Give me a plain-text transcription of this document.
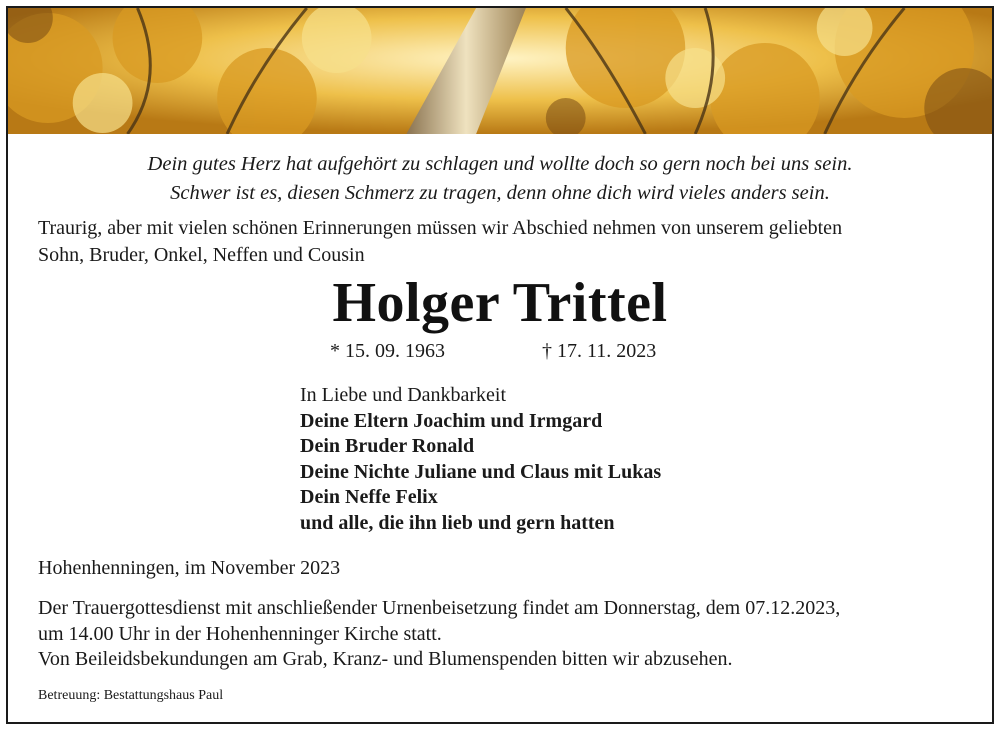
Dein gutes Herz hat aufgehört zu schlagen und wollte doch so gern noch bei uns sein.
Schwer ist es, diesen Schmerz zu tragen, denn ohne dich wird vieles anders sein.
Traurig, aber mit vielen schönen Erinnerungen müssen wir Abschied nehmen von unserem geliebten
Sohn, Bruder, Onkel, Neffen und Cousin
Holger Trittel
* 15. 09. 1963	† 17. 11. 2023
In Liebe und Dankbarkeit
Deine Eltern Joachim und Irmgard
Dein Bruder Ronald
Deine Nichte Juliane und Claus mit Lukas
Dein Neffe Felix
und alle, die ihn lieb und gern hatten
Hohenhenningen, im November 2023
Der Trauergottesdienst mit anschließender Urnenbeisetzung findet am Donnerstag, dem 07.12.2023,
um 14.00 Uhr in der Hohenhenninger Kirche statt.
Von Beileidsbekundungen am Grab, Kranz- und Blumenspenden bitten wir abzusehen.
Betreuung: Bestattungshaus Paul
